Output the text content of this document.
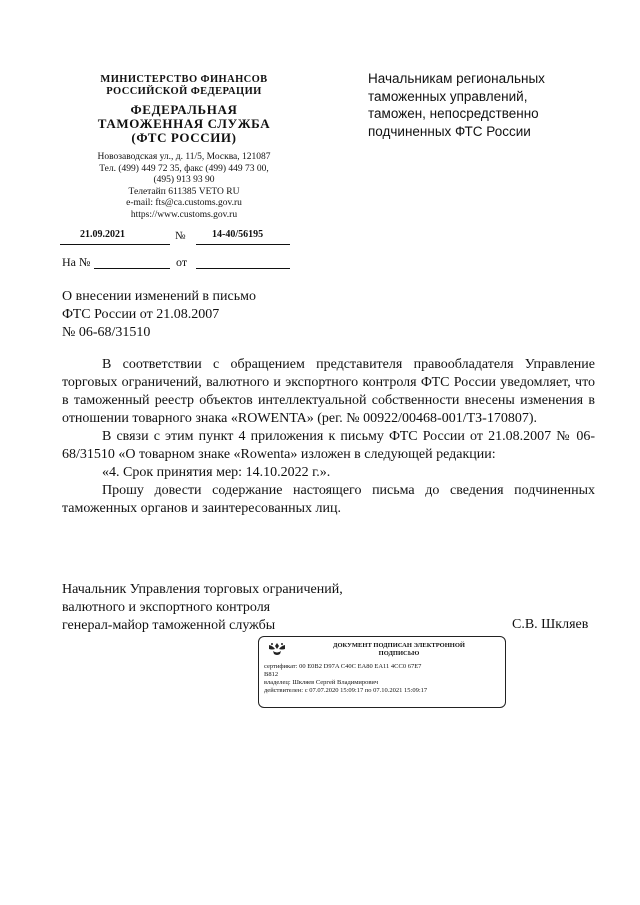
МИНИСТЕРСТВО ФИНАНСОВ
РОССИЙСКОЙ ФЕДЕРАЦИИ
ФЕДЕРАЛЬНАЯ
ТАМОЖЕННАЯ СЛУЖБА
(ФТС РОССИИ)
Новозаводская ул., д. 11/5, Москва, 121087
Тел. (499) 449 72 35, факс (499) 449 73 00,
(495) 913 93 90
Телетайп 611385 VETO RU
e-mail: fts@ca.customs.gov.ru
https://www.customs.gov.ru
21.09.2021	№	14-40/56195
На №	от
Начальникам региональных
таможенных управлений,
таможен, непосредственно
подчиненных ФТС России
О внесении изменений в письмо
ФТС России от 21.08.2007
№ 06-68/31510

В соответствии с обращением представителя правообладателя Управление торговых ограничений, валютного и экспортного контроля ФТС России уведомляет, что в таможенный реестр объектов интеллектуальной собственности внесены изменения в отношении товарного знака «ROWENTA» (рег. № 00922/00468-001/ТЗ-170807).

В связи с этим пункт 4 приложения к письму ФТС России от 21.08.2007 № 06-68/31510 «О товарном знаке «Rowenta» изложен в следующей редакции:

«4. Срок принятия мер: 14.10.2022 г.».

Прошу довести содержание настоящего письма до сведения подчиненных таможенных органов и заинтересованных лиц.

Начальник Управления торговых ограничений,
валютного и экспортного контроля
генерал-майор таможенной службы	С.В. Шкляев
ДОКУМЕНТ ПОДПИСАН ЭЛЕКТРОННОЙ
ПОДПИСЬЮ
сертификат: 00 E0B2 D97A C40C EA80 EA11 4CC0 67E7
B812
владелец: Шкляев Сергей Владимирович
действителен: с 07.07.2020 15:09:17 по 07.10.2021 15:09:17
